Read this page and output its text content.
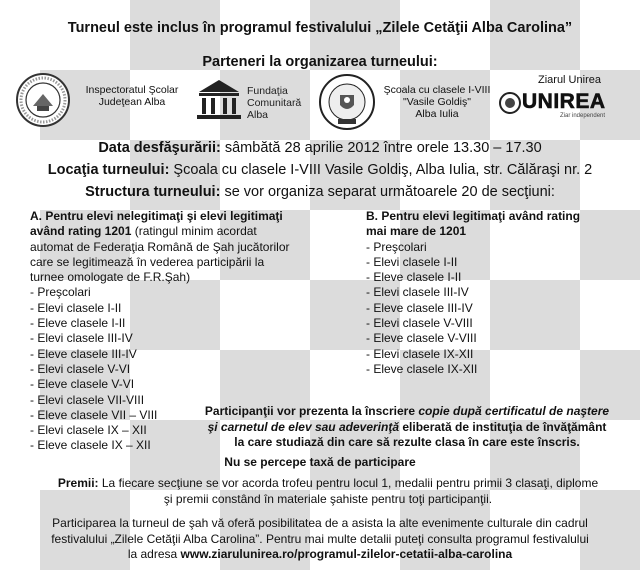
Turneul este inclus în programul festivalului „Zilele Cetăţii Alba Carolina”
Parteneri la organizarea turneului:
Inspectoratul Şcolar
Judeţean Alba
Fundaţia
Comunitară
Alba
Şcoala cu clasele I-VIII
"Vasile Goldiş"
Alba Iulia
Ziarul Unirea
UNIREA
Ziar independent
Data desfăşurării: sâmbătă 28 aprilie 2012 între orele 13.30 – 17.30
Locaţia turneului: Şcoala cu clasele I-VIII Vasile Goldiş, Alba Iulia, str. Călăraşi nr. 2
Structura turneului: se vor organiza separat următoarele 20 de secţiuni:
A. Pentru elevi nelegitimaţi şi elevi legitimaţi
având rating 1201 (ratingul minim acordat
automat de Federaţia Română de Şah jucătorilor
care se legitimează în vederea participării la
turnee omologate de F.R.Şah)
- Preşcolari
- Elevi clasele I-II
- Eleve clasele I-II
- Elevi clasele III-IV
- Eleve clasele III-IV
- Elevi clasele V-VI
- Eleve clasele V-VI
- Elevi clasele VII-VIII
- Eleve clasele VII – VIII
- Elevi clasele IX – XII
- Eleve clasele IX – XII
B. Pentru elevi legitimaţi având rating
mai mare de 1201
- Preşcolari
- Elevi clasele I-II
- Eleve clasele I-II
- Elevi clasele III-IV
- Eleve clasele III-IV
- Elevi clasele V-VIII
- Eleve clasele V-VIII
- Elevi clasele IX-XII
- Eleve clasele IX-XII
Participanţii vor prezenta la înscriere copie după certificatul de naştere
şi carnetul de elev sau adeverinţă eliberată de instituţia de învăţământ
la care studiază din care să rezulte clasa în care este înscris.
Nu se percepe taxă de participare
Premii: La fiecare secţiune se vor acorda trofeu pentru locul 1, medalii pentru primii 3 clasaţi, diplome
şi premii constând în materiale şahiste pentru toţi participanţii.
Participarea la turneul de şah vă oferă posibilitatea de a asista la alte evenimente culturale din cadrul
festivalului „Zilele Cetăţii Alba Carolina”. Pentru mai multe detalii puteţi consulta programul festivalului
la adresa www.ziarulunirea.ro/programul-zilelor-cetatii-alba-carolina
